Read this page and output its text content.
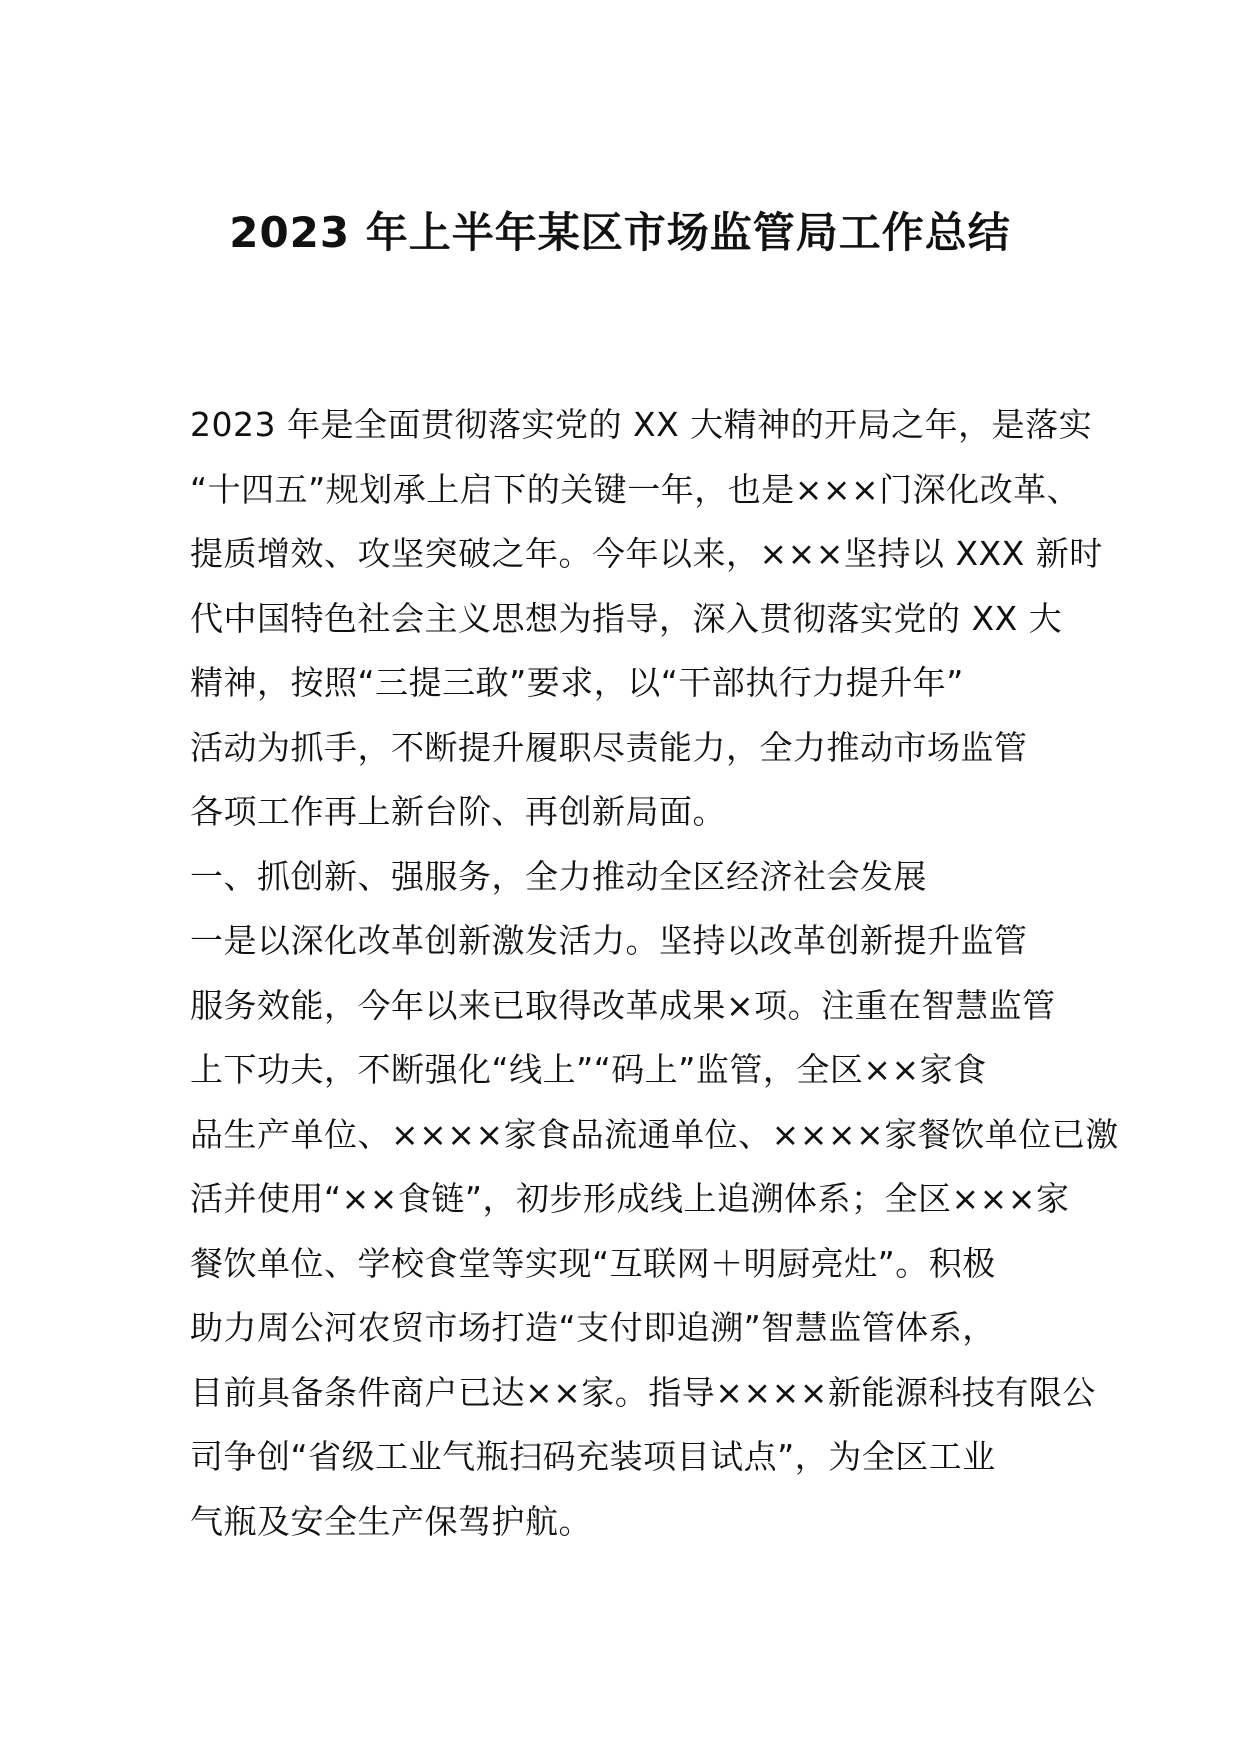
2023 年上半年某区市场监管局工作总结
2023 年是全面贯彻落实党的 XX 大精神的开局之年，是落实
“十四五”规划承上启下的关键一年，也是×××门深化改革、
提质增效、攻坚突破之年。今年以来，×××坚持以 XXX 新时
代中国特色社会主义思想为指导，深入贯彻落实党的 XX 大
精神，按照“三提三敢”要求，以“干部执行力提升年”
活动为抓手，不断提升履职尽责能力，全力推动市场监管
各项工作再上新台阶、再创新局面。
一、抓创新、强服务，全力推动全区经济社会发展
一是以深化改革创新激发活力。坚持以改革创新提升监管
服务效能，今年以来已取得改革成果×项。注重在智慧监管
上下功夫，不断强化“线上”“码上”监管，全区××家食
品生产单位、××××家食品流通单位、××××家餐饮单位已激
活并使用“××食链”，初步形成线上追溯体系；全区×××家
餐饮单位、学校食堂等实现“互联网＋明厨亮灶”。积极
助力周公河农贸市场打造“支付即追溯”智慧监管体系，
目前具备条件商户已达××家。指导××××新能源科技有限公
司争创“省级工业气瓶扫码充装项目试点”，为全区工业
气瓶及安全生产保驾护航。
